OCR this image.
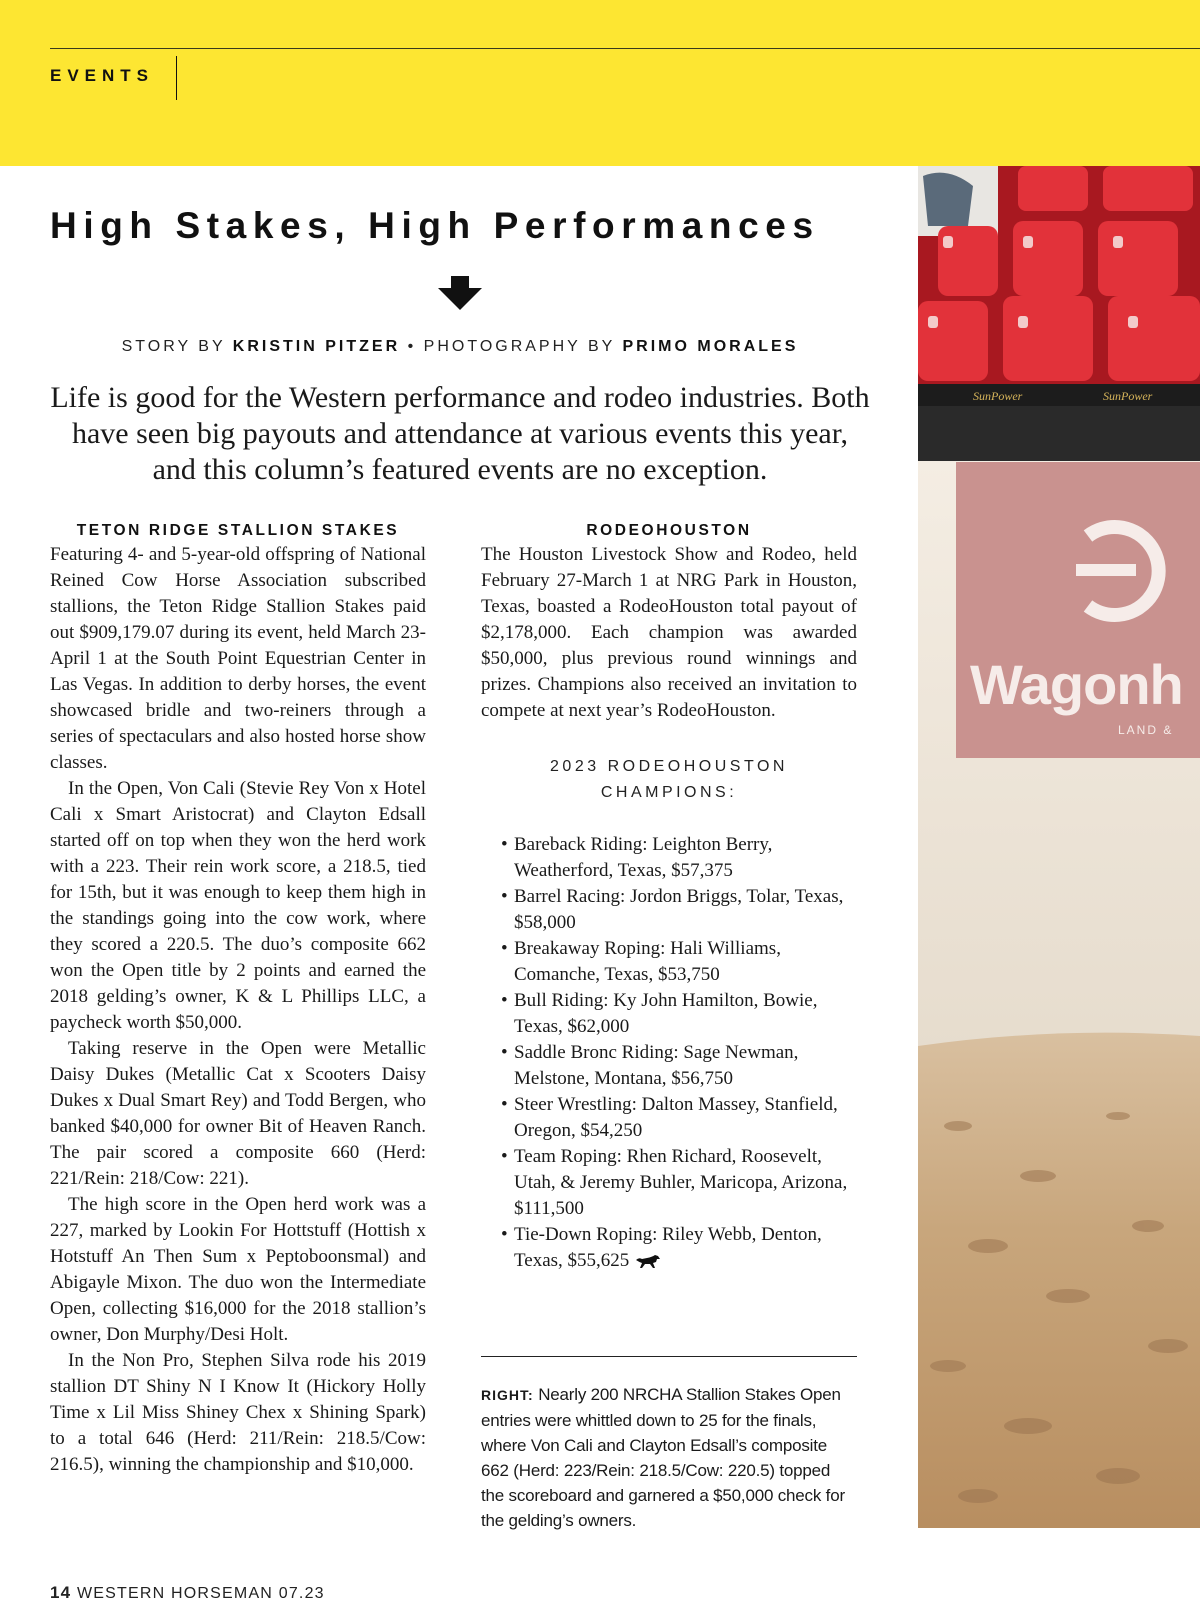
EVENTS
SunPower	SunPower
Wagonh
LAND &
High Stakes, High Performances
STORY BY KRISTIN PITZER • PHOTOGRAPHY BY PRIMO MORALES

Life is good for the Western performance and rodeo industries. Both have seen big payouts and attendance at various events this year, and this column’s featured events are no exception.

TETON RIDGE STALLION STAKES

Featuring 4- and 5-year-old offspring of National Reined Cow Horse Association subscribed stallions, the Teton Ridge Stallion Stakes paid out $909,179.07 during its event, held March 23-April 1 at the South Point Equestrian Center in Las Vegas. In addition to derby horses, the event showcased bridle and two-reiners through a series of spectaculars and also hosted horse show classes.

In the Open, Von Cali (Stevie Rey Von x Hotel Cali x Smart Aristocrat) and Clayton Edsall started off on top when they won the herd work with a 223. Their rein work score, a 218.5, tied for 15th, but it was enough to keep them high in the standings going into the cow work, where they scored a 220.5. The duo’s composite 662 won the Open title by 2 points and earned the 2018 gelding’s owner, K & L Phillips LLC, a paycheck worth $50,000.

Taking reserve in the Open were Metallic Daisy Dukes (Metallic Cat x Scooters Daisy Dukes x Dual Smart Rey) and Todd Bergen, who banked $40,000 for owner Bit of Heaven Ranch. The pair scored a composite 660 (Herd: 221/Rein: 218/Cow: 221).

The high score in the Open herd work was a 227, marked by Lookin For Hottstuff (Hottish x Hotstuff An Then Sum x Peptoboonsmal) and Abigayle Mixon. The duo won the Intermediate Open, collecting $16,000 for the 2018 stallion’s owner, Don Murphy/Desi Holt.

In the Non Pro, Stephen Silva rode his 2019 stallion DT Shiny N I Know It (Hickory Holly Time x Lil Miss Shiney Chex x Shining Spark) to a total 646 (Herd: 211/Rein: 218.5/Cow: 216.5), winning the championship and $10,000.

RODEOHOUSTON

The Houston Livestock Show and Rodeo, held February 27-March 1 at NRG Park in Houston, Texas, boasted a RodeoHouston total payout of $2,178,000. Each champion was awarded $50,000, plus previous round winnings and prizes. Champions also received an invitation to compete at next year’s RodeoHouston.

2023 RODEOHOUSTON CHAMPIONS:
• Bareback Riding: Leighton Berry, Weatherford, Texas, $57,375
• Barrel Racing: Jordon Briggs, Tolar, Texas, $58,000
• Breakaway Roping: Hali Williams, Comanche, Texas, $53,750
• Bull Riding: Ky John Hamilton, Bowie, Texas, $62,000
• Saddle Bronc Riding: Sage Newman, Melstone, Montana, $56,750
• Steer Wrestling: Dalton Massey, Stanfield, Oregon, $54,250
• Team Roping: Rhen Richard, Roosevelt, Utah, & Jeremy Buhler, Maricopa, Arizona, $111,500
• Tie-Down Roping: Riley Webb, Denton, Texas, $55,625

RIGHT: Nearly 200 NRCHA Stallion Stakes Open entries were whittled down to 25 for the finals, where Von Cali and Clayton Edsall’s composite 662 (Herd: 223/Rein: 218.5/Cow: 220.5) topped the scoreboard and garnered a $50,000 check for the gelding’s owners.

14 WESTERN HORSEMAN 07.23
